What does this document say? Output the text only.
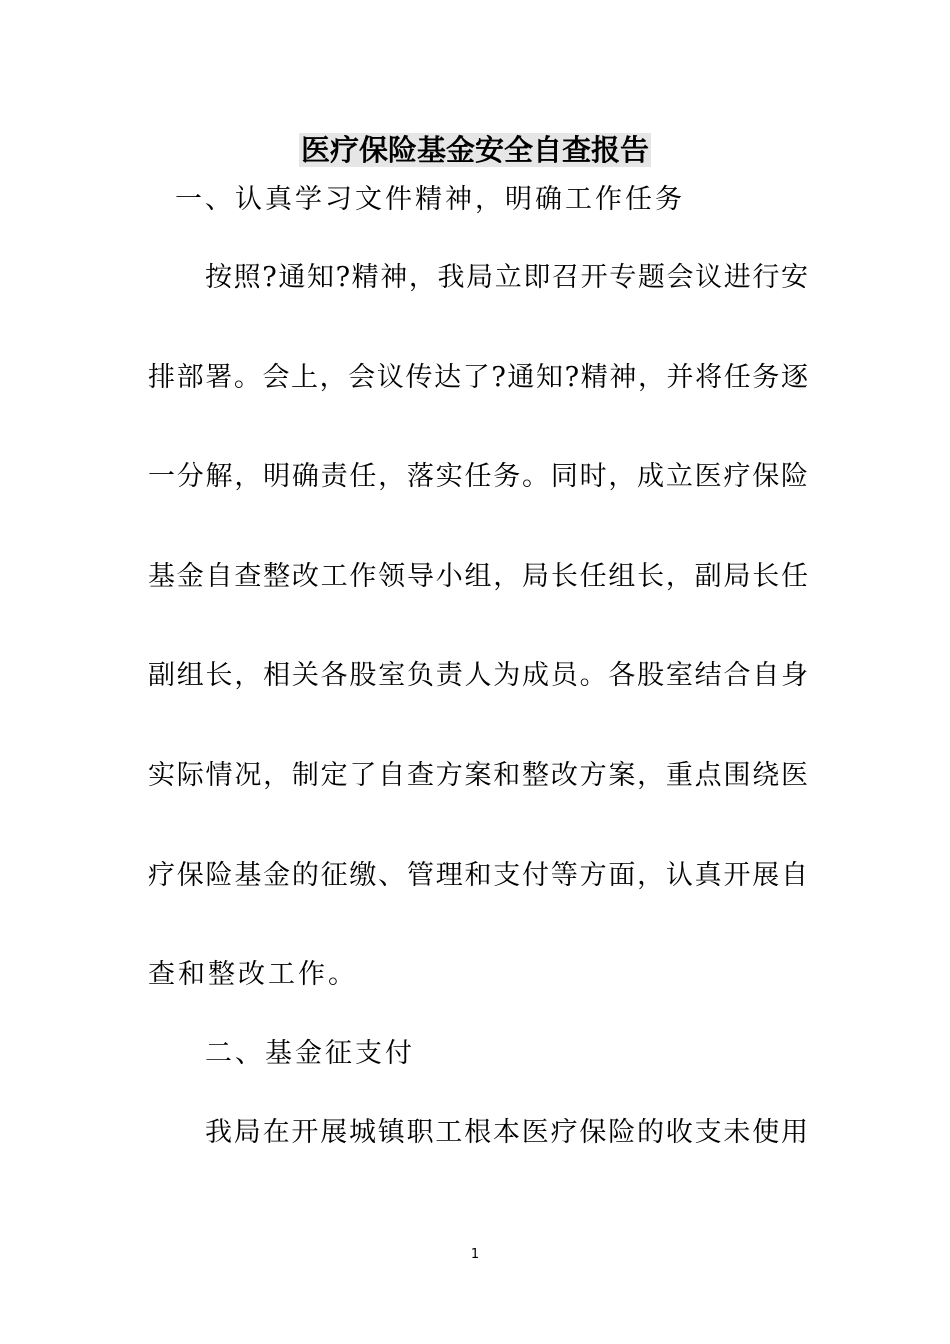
医疗保险基金安全自查报告
一、认真学习文件精神，明确工作任务
按照?通知?精神，我局立即召开专题会议进行安
排部署。会上，会议传达了?通知?精神，并将任务逐
一分解，明确责任，落实任务。同时，成立医疗保险
基金自查整改工作领导小组，局长任组长，副局长任
副组长，相关各股室负责人为成员。各股室结合自身
实际情况，制定了自查方案和整改方案，重点围绕医
疗保险基金的征缴、管理和支付等方面，认真开展自
查和整改工作。
二、基金征支付
我局在开展城镇职工根本医疗保险的收支未使用
1
